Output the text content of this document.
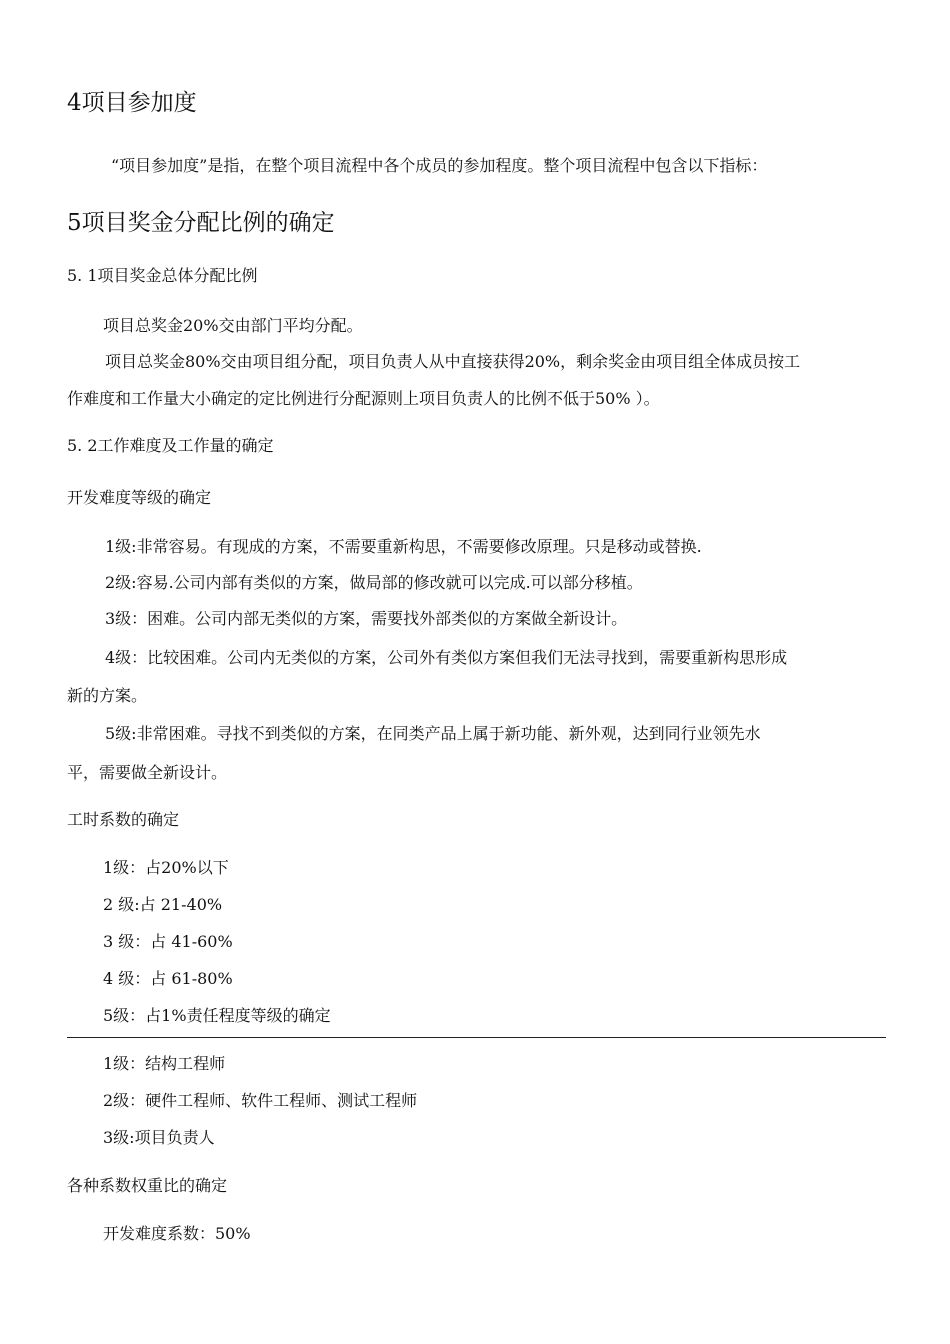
4项目参加度
“项目参加度”是指，在整个项目流程中各个成员的参加程度。整个项目流程中包含以下指标：
5项目奖金分配比例的确定
5. 1项目奖金总体分配比例
项目总奖金20%交由部门平均分配。
项目总奖金80%交由项目组分配，项目负责人从中直接获得20%，剩余奖金由项目组全体成员按工
作难度和工作量大小确定的定比例进行分配源则上项目负责人的比例不低于50% ）。
5. 2工作难度及工作量的确定
开发难度等级的确定
1级:非常容易。有现成的方案，不需要重新构思，不需要修改原理。只是移动或替换.
2级:容易.公司内部有类似的方案，做局部的修改就可以完成.可以部分移植。
3级：困难。公司内部无类似的方案，需要找外部类似的方案做全新设计。
4级：比较困难。公司内无类似的方案，公司外有类似方案但我们无法寻找到，需要重新构思形成
新的方案。
5级:非常困难。寻找不到类似的方案，在同类产品上属于新功能、新外观，达到同行业领先水
平，需要做全新设计。
工时系数的确定
1级：占20%以下
2 级:占 21-40%
3 级：占 41-60%
4 级：占 61-80%
5级：占1%责任程度等级的确定
1级：结构工程师
2级：硬件工程师、软件工程师、测试工程师
3级:项目负责人
各种系数权重比的确定
开发难度系数：50%
